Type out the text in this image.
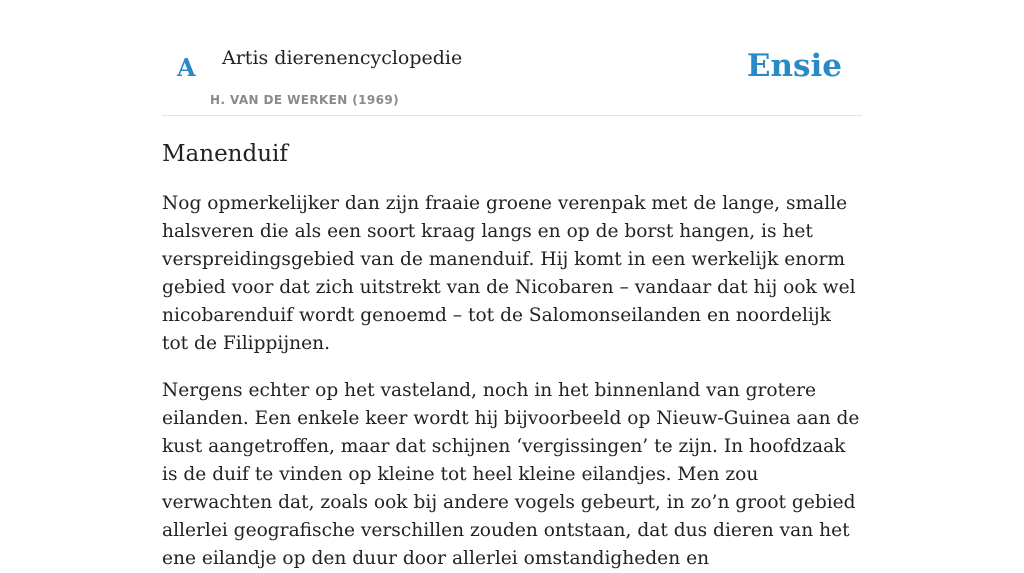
A Artis dierenencyclopedie
H. VAN DE WERKEN (1969)
Ensie
Manenduif

Nog opmerkelijker dan zijn fraaie groene verenpak met de lange, smalle halsveren die als een soort kraag langs en op de borst hangen, is het verspreidingsgebied van de manenduif. Hij komt in een werkelijk enorm gebied voor dat zich uitstrekt van de Nicobaren – vandaar dat hij ook wel nicobarenduif wordt genoemd – tot de Salomonseilanden en noordelijk tot de Filippijnen.

Nergens echter op het vasteland, noch in het binnenland van grotere eilanden. Een enkele keer wordt hij bijvoorbeeld op Nieuw-Guinea aan de kust aangetroffen, maar dat schijnen ‘vergissingen’ te zijn. In hoofdzaak is de duif te vinden op kleine tot heel kleine eilandjes. Men zou verwachten dat, zoals ook bij andere vogels gebeurt, in zo’n groot gebied allerlei geografische verschillen zouden ontstaan, dat dus dieren van het ene eilandje op den duur door allerlei omstandigheden en
